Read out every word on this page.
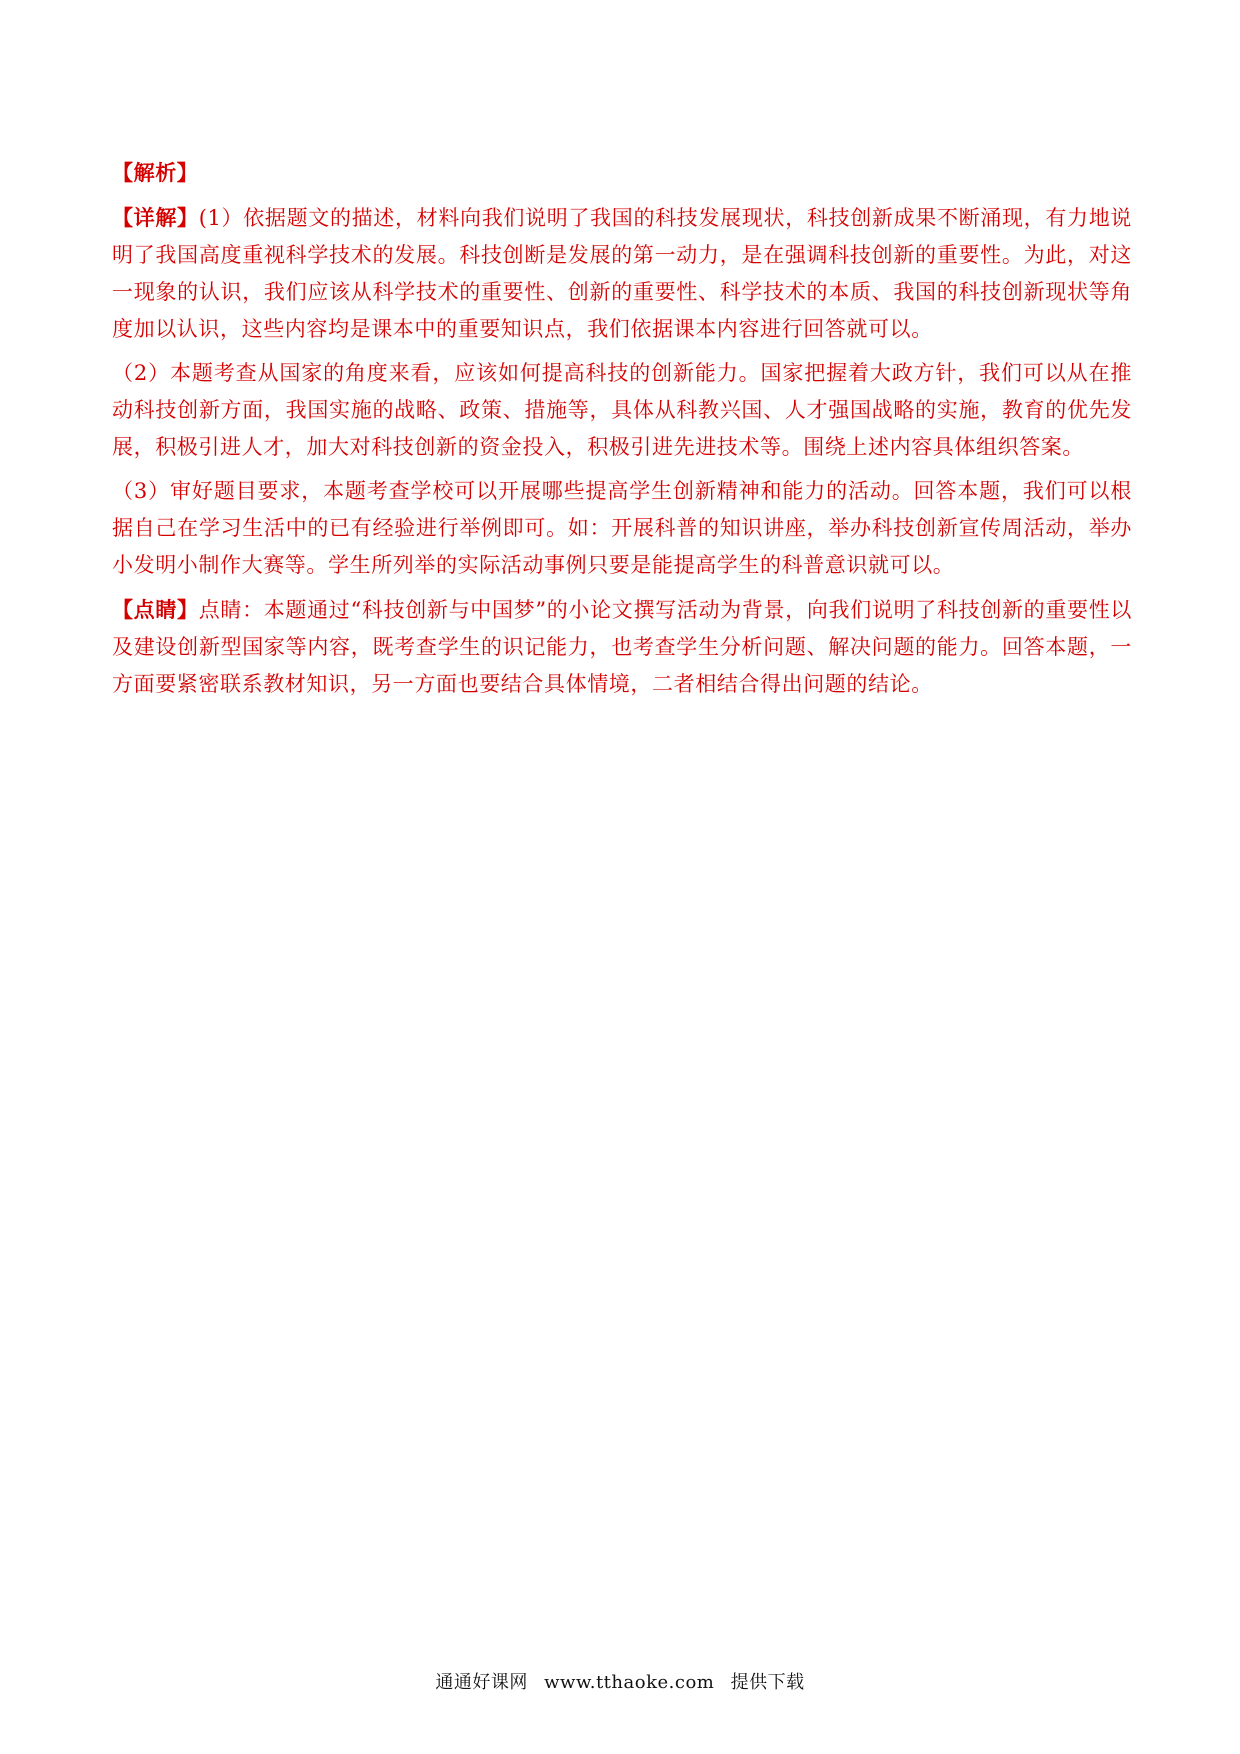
【解析】

【详解】(1）依据题文的描述，材料向我们说明了我国的科技发展现状，科技创新成果不断涌现，有力地说明了我国高度重视科学技术的发展。科技创断是发展的第一动力，是在强调科技创新的重要性。为此，对这一现象的认识，我们应该从科学技术的重要性、创新的重要性、科学技术的本质、我国的科技创新现状等角度加以认识，这些内容均是课本中的重要知识点，我们依据课本内容进行回答就可以。

（2）本题考查从国家的角度来看，应该如何提高科技的创新能力。国家把握着大政方针，我们可以从在推动科技创新方面，我国实施的战略、政策、措施等，具体从科教兴国、人才强国战略的实施，教育的优先发展，积极引进人才，加大对科技创新的资金投入，积极引进先进技术等。围绕上述内容具体组织答案。

（3）审好题目要求，本题考查学校可以开展哪些提高学生创新精神和能力的活动。回答本题，我们可以根据自己在学习生活中的已有经验进行举例即可。如：开展科普的知识讲座，举办科技创新宣传周活动，举办小发明小制作大赛等。学生所列举的实际活动事例只要是能提高学生的科普意识就可以。

【点睛】点睛：本题通过“科技创新与中国梦”的小论文撰写活动为背景，向我们说明了科技创新的重要性以及建设创新型国家等内容，既考查学生的识记能力，也考查学生分析问题、解决问题的能力。回答本题，一方面要紧密联系教材知识，另一方面也要结合具体情境，二者相结合得出问题的结论。

通通好课网 www.tthaoke.com 提供下载
